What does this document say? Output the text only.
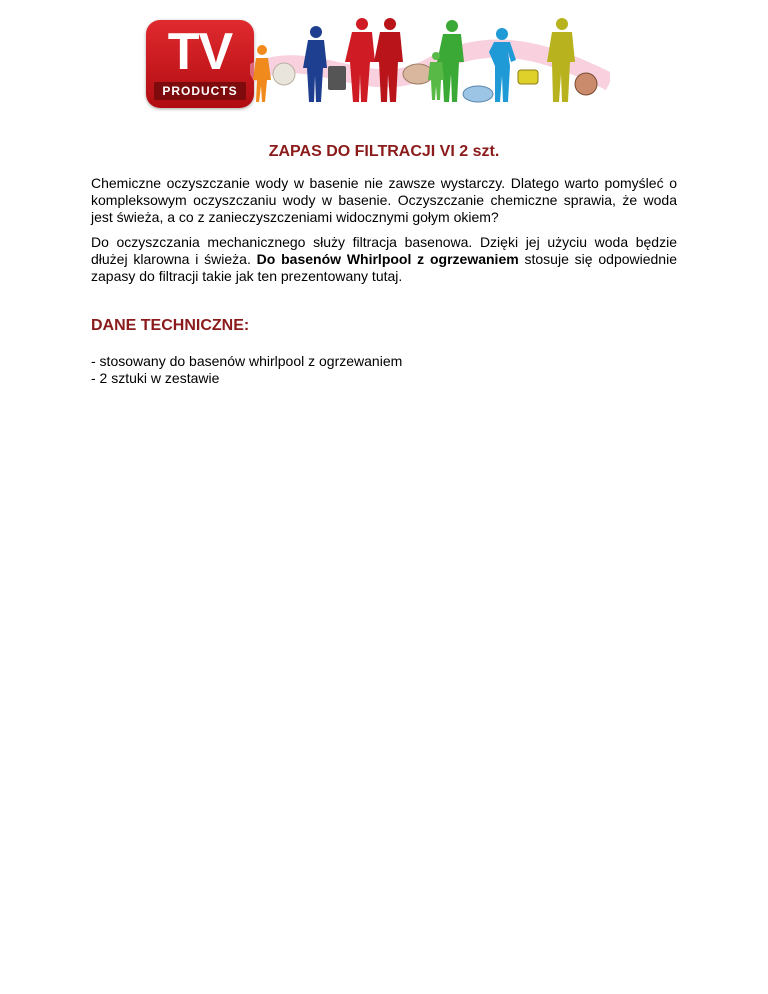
TV
PRODUCTS
ZAPAS DO FILTRACJI VI 2 szt.

Chemiczne oczyszczanie wody w basenie nie zawsze wystarczy. Dlatego warto pomyśleć o kompleksowym oczyszczaniu wody w basenie. Oczyszczanie chemiczne sprawia, że woda jest świeża, a co z zanieczyszczeniami widocznymi gołym okiem?

Do oczyszczania mechanicznego służy filtracja basenowa. Dzięki jej użyciu woda będzie dłużej klarowna i świeża. Do basenów Whirlpool z ogrzewaniem stosuje się odpowiednie zapasy do filtracji takie jak ten prezentowany tutaj.

DANE TECHNICZNE:
- stosowany do basenów whirlpool z ogrzewaniem
- 2 sztuki w zestawie
